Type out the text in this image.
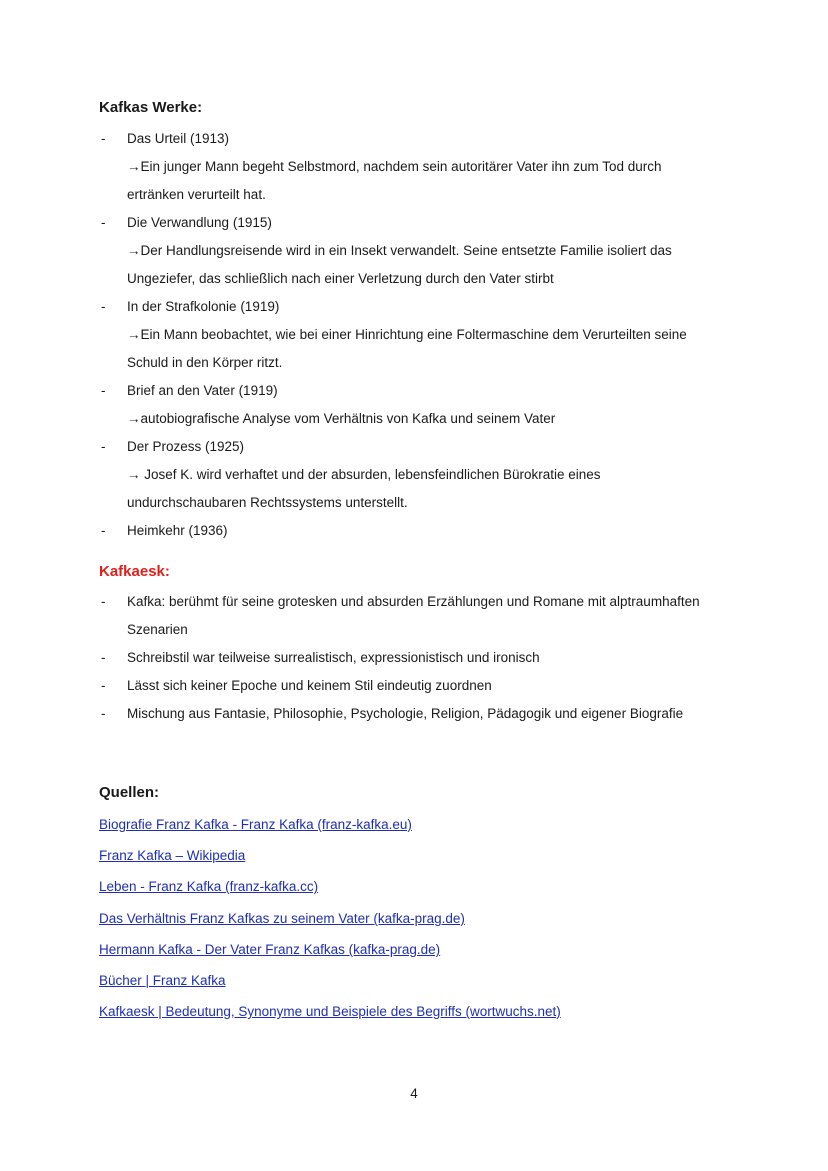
Kafkas Werke:
- Das Urteil (1913)
→Ein junger Mann begeht Selbstmord, nachdem sein autoritärer Vater ihn zum Tod durch
ertränken verurteilt hat.
- Die Verwandlung (1915)
→Der Handlungsreisende wird in ein Insekt verwandelt. Seine entsetzte Familie isoliert das
Ungeziefer, das schließlich nach einer Verletzung durch den Vater stirbt
- In der Strafkolonie (1919)
→Ein Mann beobachtet, wie bei einer Hinrichtung eine Foltermaschine dem Verurteilten seine
Schuld in den Körper ritzt.
- Brief an den Vater (1919)
→autobiografische Analyse vom Verhältnis von Kafka und seinem Vater
- Der Prozess (1925)
→ Josef K. wird verhaftet und der absurden, lebensfeindlichen Bürokratie eines
undurchschaubaren Rechtssystems unterstellt.
- Heimkehr (1936)
Kafkaesk:
- Kafka: berühmt für seine grotesken und absurden Erzählungen und Romane mit alptraumhaften
Szenarien
- Schreibstil war teilweise surrealistisch, expressionistisch und ironisch
- Lässt sich keiner Epoche und keinem Stil eindeutig zuordnen
- Mischung aus Fantasie, Philosophie, Psychologie, Religion, Pädagogik und eigener Biografie
Quellen:
Biografie Franz Kafka - Franz Kafka (franz-kafka.eu)
Franz Kafka – Wikipedia
Leben - Franz Kafka (franz-kafka.cc)
Das Verhältnis Franz Kafkas zu seinem Vater (kafka-prag.de)
Hermann Kafka - Der Vater Franz Kafkas (kafka-prag.de)
Bücher | Franz Kafka
Kafkaesk | Bedeutung, Synonyme und Beispiele des Begriffs (wortwuchs.net)
4
